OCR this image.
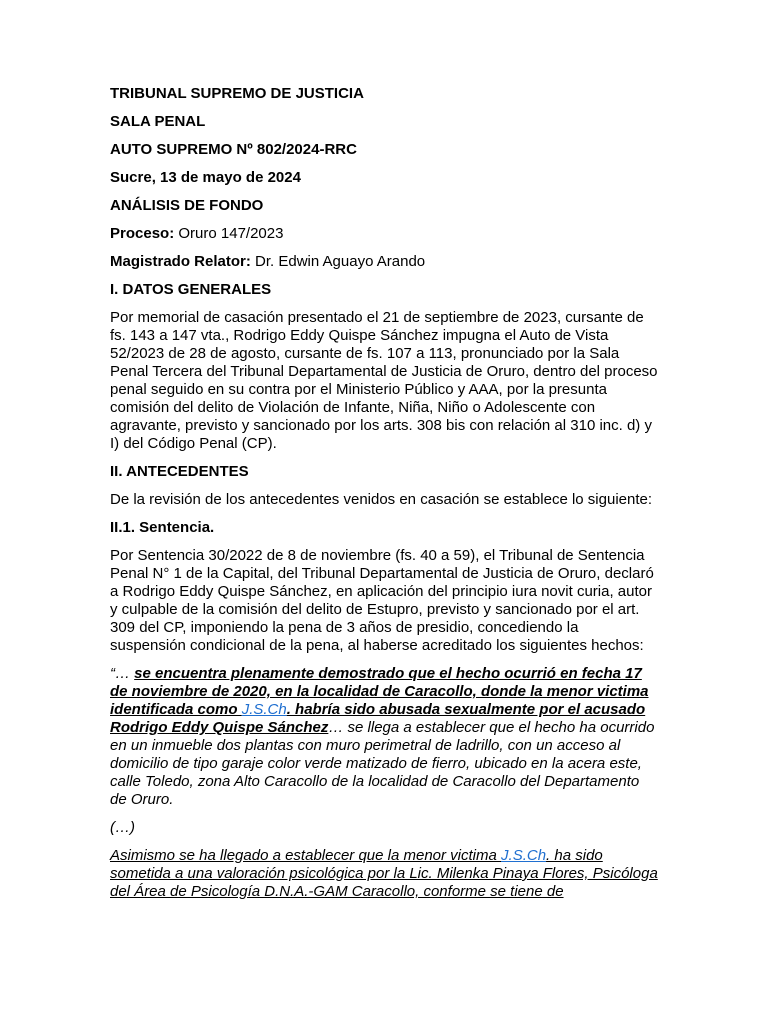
TRIBUNAL SUPREMO DE JUSTICIA

SALA PENAL

AUTO SUPREMO Nº 802/2024-RRC

Sucre, 13 de mayo de 2024

ANÁLISIS DE FONDO

Proceso: Oruro 147/2023

Magistrado Relator: Dr. Edwin Aguayo Arando

I. DATOS GENERALES

Por memorial de casación presentado el 21 de septiembre de 2023, cursante de fs. 143 a 147 vta., Rodrigo Eddy Quispe Sánchez impugna el Auto de Vista 52/2023 de 28 de agosto, cursante de fs. 107 a 113, pronunciado por la Sala Penal Tercera del Tribunal Departamental de Justicia de Oruro, dentro del proceso penal seguido en su contra por el Ministerio Público y AAA, por la presunta comisión del delito de Violación de Infante, Niña, Niño o Adolescente con agravante, previsto y sancionado por los arts. 308 bis con relación al 310 inc. d) y I) del Código Penal (CP).

II. ANTECEDENTES

De la revisión de los antecedentes venidos en casación se establece lo siguiente:

II.1. Sentencia.

Por Sentencia 30/2022 de 8 de noviembre (fs. 40 a 59), el Tribunal de Sentencia Penal N° 1 de la Capital, del Tribunal Departamental de Justicia de Oruro, declaró a Rodrigo Eddy Quispe Sánchez, en aplicación del principio iura novit curia, autor y culpable de la comisión del delito de Estupro, previsto y sancionado por el art. 309 del CP, imponiendo la pena de 3 años de presidio, concediendo la suspensión condicional de la pena, al haberse acreditado los siguientes hechos:

“… se encuentra plenamente demostrado que el hecho ocurrió en fecha 17 de noviembre de 2020, en la localidad de Caracollo, donde la menor victima identificada como J.S.Ch. habría sido abusada sexualmente por el acusado Rodrigo Eddy Quispe Sánchez… se llega a establecer que el hecho ha ocurrido en un inmueble dos plantas con muro perimetral de ladrillo, con un acceso al domicilio de tipo garaje color verde matizado de fierro, ubicado en la acera este, calle Toledo, zona Alto Caracollo de la localidad de Caracollo del Departamento de Oruro.

(…)

Asimismo se ha llegado a establecer que la menor victima J.S.Ch. ha sido sometida a una valoración psicológica por la Lic. Milenka Pinaya Flores, Psicóloga del Área de Psicología D.N.A.-GAM Caracollo, conforme se tiene de
